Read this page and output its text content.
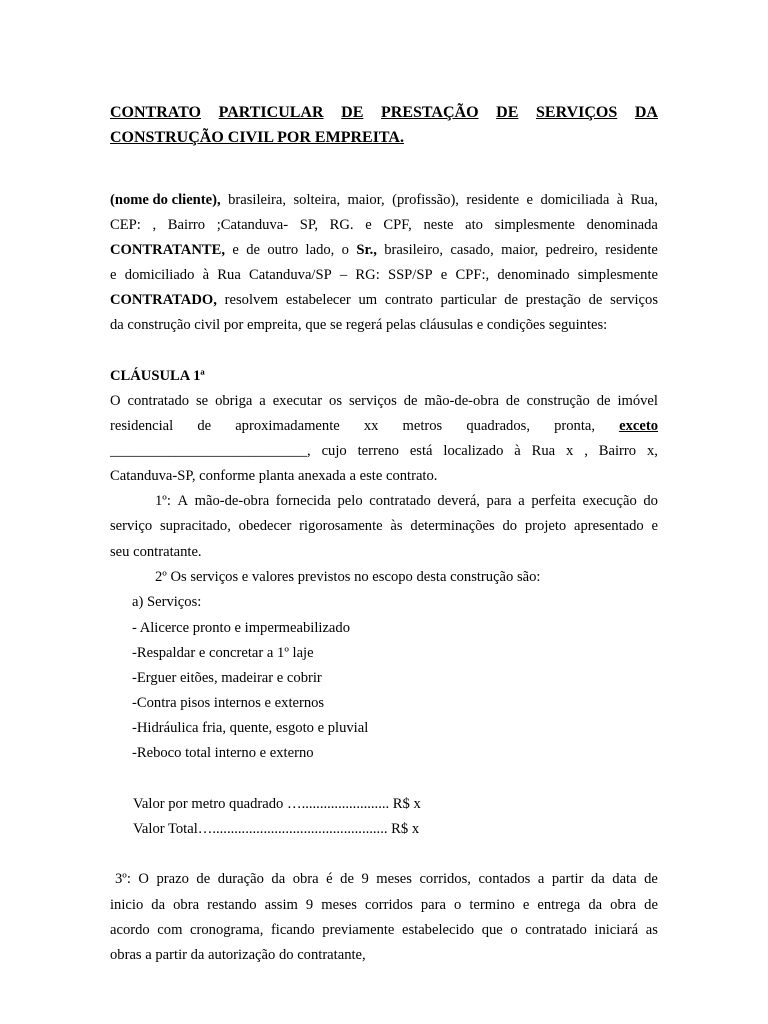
CONTRATO PARTICULAR DE PRESTAÇÃO DE SERVIÇOS DA
CONSTRUÇÃO CIVIL POR EMPREITA.
(nome do cliente), brasileira, solteira, maior, (profissão), residente e domiciliada à Rua,
CEP: , Bairro ;Catanduva- SP, RG. e CPF, neste ato simplesmente denominada
CONTRATANTE, e de outro lado, o Sr., brasileiro, casado, maior, pedreiro, residente
e domiciliado à Rua Catanduva/SP – RG: SSP/SP e CPF:, denominado simplesmente
CONTRATADO, resolvem estabelecer um contrato particular de prestação de serviços
da construção civil por empreita, que se regerá pelas cláusulas e condições seguintes:
CLÁUSULA 1ª
O contratado se obriga a executar os serviços de mão-de-obra de construção de imóvel
residencial de aproximadamente xx metros quadrados, pronta, exceto
___________________________, cujo terreno está localizado à Rua x , Bairro x,
Catanduva-SP, conforme planta anexada a este contrato.
1º: A mão-de-obra fornecida pelo contratado deverá, para a perfeita execução do
serviço supracitado, obedecer rigorosamente às determinações do projeto apresentado e
seu contratante.
2º Os serviços e valores previstos no escopo desta construção são:
a) Serviços:
- Alicerce pronto e impermeabilizado
-Respaldar e concretar a 1º laje
-Erguer eitões, madeirar e cobrir
-Contra pisos internos e externos
-Hidráulica fria, quente, esgoto e pluvial
-Reboco total interno e externo
Valor por metro quadrado …........................ R$ x
Valor Total…................................................ R$ x
3º: O prazo de duração da obra é de 9 meses corridos, contados a partir da data de
inicio da obra restando assim 9 meses corridos para o termino e entrega da obra de
acordo com cronograma, ficando previamente estabelecido que o contratado iniciará as
obras a partir da autorização do contratante,
